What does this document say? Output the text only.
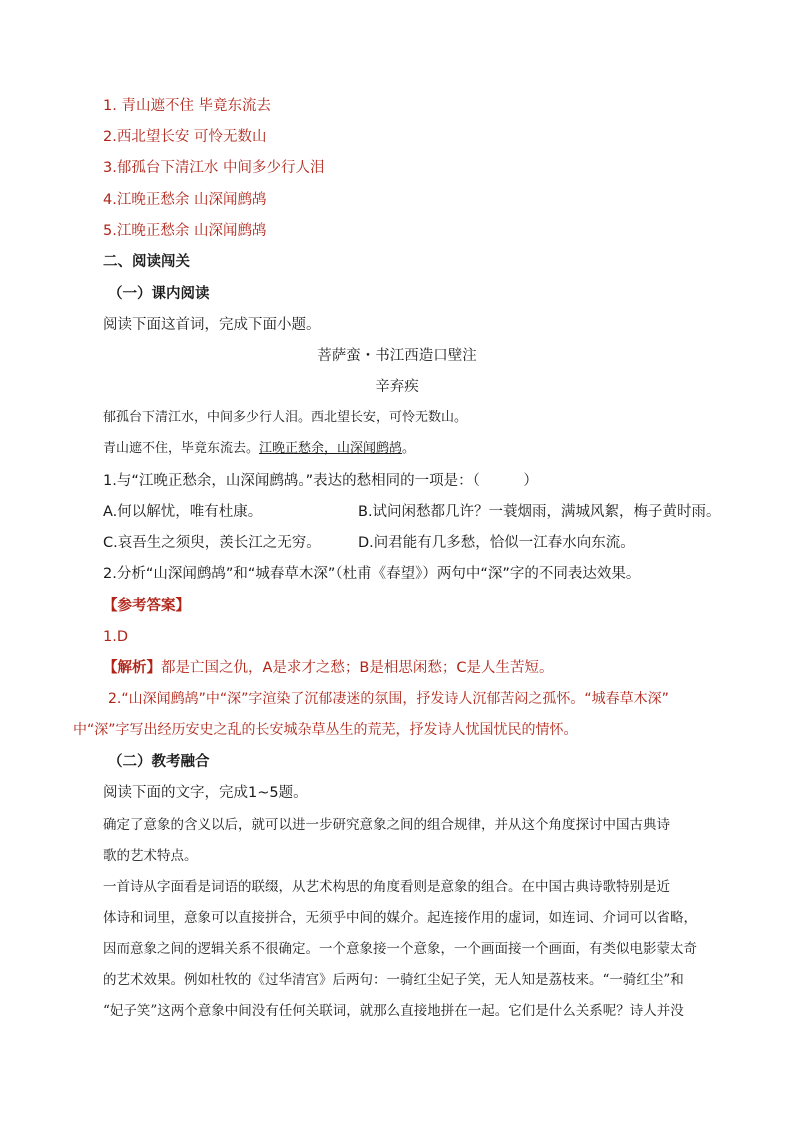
1. 青山遮不住 毕竟东流去
2.西北望长安 可怜无数山
3.郁孤台下清江水 中间多少行人泪
4.江晚正愁余 山深闻鹧鸪
5.江晚正愁余 山深闻鹧鸪
二、阅读闯关
（一）课内阅读
阅读下面这首词，完成下面小题。
菩萨蛮・书江西造口壁注
辛弃疾
郁孤台下清江水，中间多少行人泪。西北望长安，可怜无数山。
青山遮不住，毕竟东流去。江晚正愁余，山深闻鹧鸪。
1.与“江晚正愁余，山深闻鹧鸪。”表达的愁相同的一项是：（　　　）
A.何以解忧，唯有杜康。	B.试问闲愁都几许？一蓑烟雨，满城风絮，梅子黄时雨。
C.哀吾生之须臾，羡长江之无穷。	D.问君能有几多愁，恰似一江春水向东流。
2.分析“山深闻鹧鸪”和“城春草木深”（杜甫《春望》）两句中“深”字的不同表达效果。
【参考答案】
1.D
【解析】都是亡国之仇，A是求才之愁；B是相思闲愁；C是人生苦短。
2.“山深闻鹧鸪”中“深”字渲染了沉郁凄迷的氛围，抒发诗人沉郁苦闷之孤怀。“城春草木深”
中“深”字写出经历安史之乱的长安城杂草丛生的荒芜，抒发诗人忧国忧民的情怀。
（二）教考融合
阅读下面的文字，完成1~5题。
确定了意象的含义以后，就可以进一步研究意象之间的组合规律，并从这个角度探讨中国古典诗
歌的艺术特点。
一首诗从字面看是词语的联缀，从艺术构思的角度看则是意象的组合。在中国古典诗歌特别是近
体诗和词里，意象可以直接拼合，无须乎中间的媒介。起连接作用的虚词，如连词、介词可以省略，
因而意象之间的逻辑关系不很确定。一个意象接一个意象，一个画面接一个画面，有类似电影蒙太奇
的艺术效果。例如杜牧的《过华清宫》后两句：一骑红尘妃子笑，无人知是荔枝来。“一骑红尘”和
“妃子笑”这两个意象中间没有任何关联词，就那么直接地拼在一起。它们是什么关系呢？诗人并没
